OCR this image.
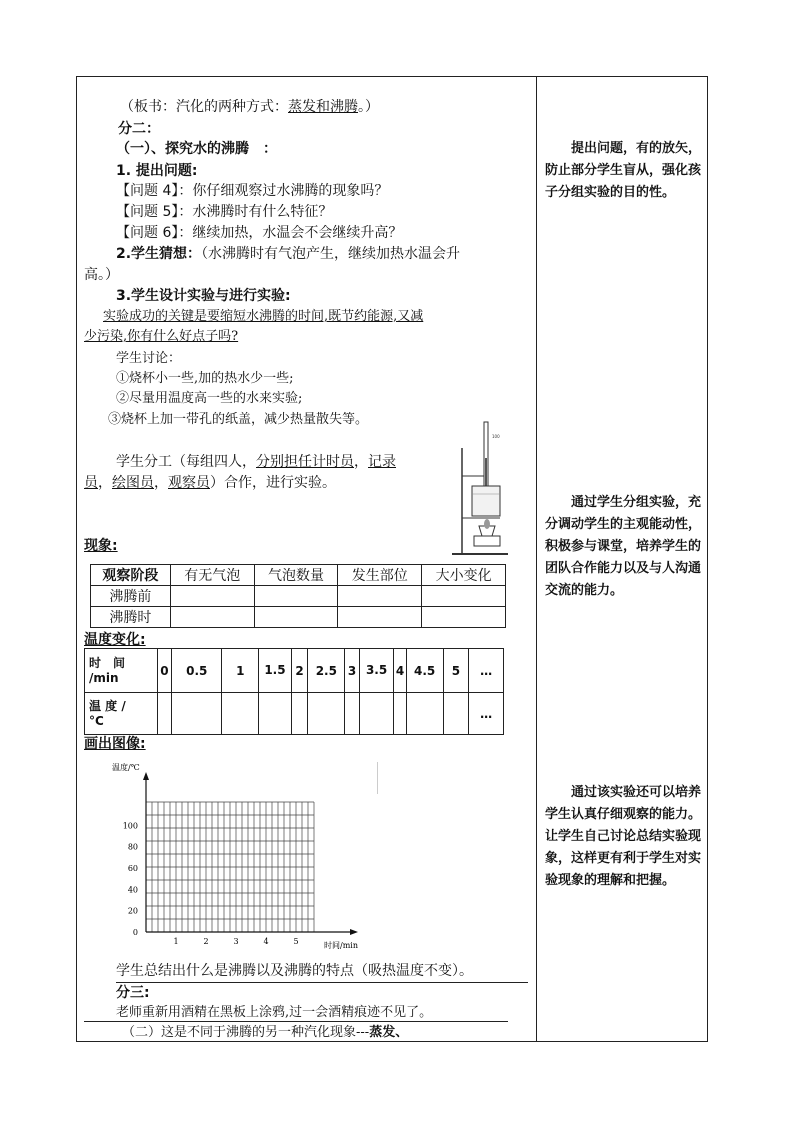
（板书：汽化的两种方式：蒸发和沸腾。）
分二：
（一）、探究水的沸腾　：
1. 提出问题:
【问题 4】：你仔细观察过水沸腾的现象吗？
【问题 5】：水沸腾时有什么特征？
【问题 6】：继续加热，水温会不会继续升高？
2.学生猜想：（水沸腾时有气泡产生，继续加热水温会升
高。）
3.学生设计实验与进行实验:
实验成功的关键是要缩短水沸腾的时间,既节约能源,又减
少污染,你有什么好点子吗?
学生讨论：
①烧杯小一些,加的热水少一些;
②尽量用温度高一些的水来实验;
③烧杯上加一带孔的纸盖，减少热量散失等。
学生分工（每组四人，分别担任计时员，记录
员，绘图员，观察员）合作，进行实验。
100
现象:
观察阶段	有无气泡	气泡数量	发生部位	大小变化
沸腾前				
沸腾时				
温度变化:
时　间
/min	0	0.5	1	1.5	2	2.5	3	3.5	4	4.5	5	…
温 度 /
°C												…
画出图像:
100
80
60
40
20
0
1	2	3	4	5
温度/℃
时间/min
学生总结出什么是沸腾以及沸腾的特点（吸热温度不变）。
分三:
老师重新用酒精在黑板上涂鸦,过一会酒精痕迹不见了。
（二）这是不同于沸腾的另一种汽化现象---蒸发、
提出问题，有的放矢，防止部分学生盲从，强化孩子分组实验的目的性。
通过学生分组实验，充分调动学生的主观能动性，积极参与课堂，培养学生的团队合作能力以及与人沟通交流的能力。
通过该实验还可以培养学生认真仔细观察的能力。让学生自己讨论总结实验现象，这样更有利于学生对实验现象的理解和把握。
